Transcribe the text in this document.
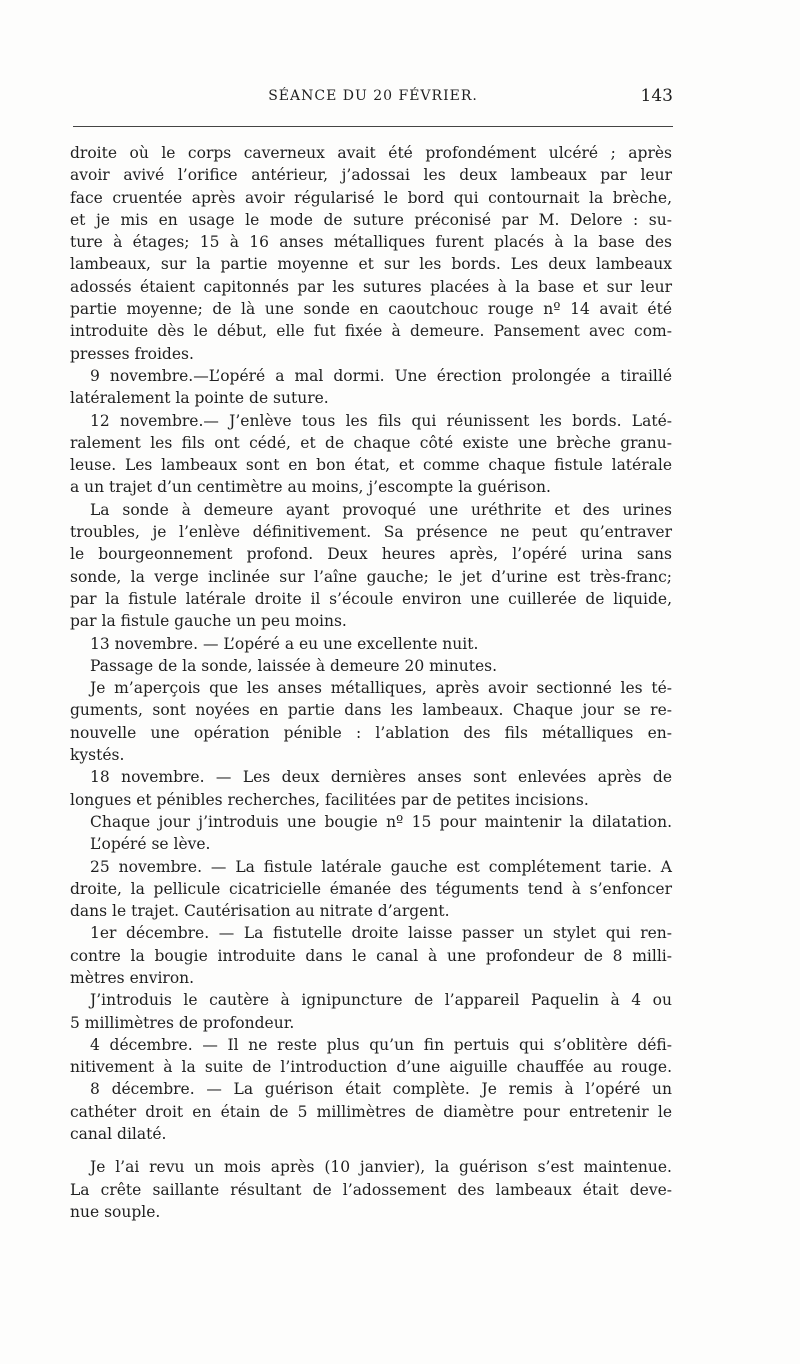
SÉANCE DU 20 FÉVRIER.	143
droite où le corps caverneux avait été profondément ulcéré ; après
avoir avivé l’orifice antérieur, j’adossai les deux lambeaux par leur
face cruentée après avoir régularisé le bord qui contournait la brèche,
et je mis en usage le mode de suture préconisé par M. Delore : su-
ture à étages; 15 à 16 anses métalliques furent placés à la base des
lambeaux, sur la partie moyenne et sur les bords. Les deux lambeaux
adossés étaient capitonnés par les sutures placées à la base et sur leur
partie moyenne; de là une sonde en caoutchouc rouge nº 14 avait été
introduite dès le début, elle fut fixée à demeure. Pansement avec com-
presses froides.
9 novembre.—L’opéré a mal dormi. Une érection prolongée a tiraillé
latéralement la pointe de suture.
12 novembre.— J’enlève tous les fils qui réunissent les bords. Laté-
ralement les fils ont cédé, et de chaque côté existe une brèche granu-
leuse. Les lambeaux sont en bon état, et comme chaque fistule latérale
a un trajet d’un centimètre au moins, j’escompte la guérison.
La sonde à demeure ayant provoqué une uréthrite et des urines
troubles, je l’enlève définitivement. Sa présence ne peut qu’entraver
le bourgeonnement profond. Deux heures après, l’opéré urina sans
sonde, la verge inclinée sur l’aîne gauche; le jet d’urine est très-franc;
par la fistule latérale droite il s’écoule environ une cuillerée de liquide,
par la fistule gauche un peu moins.
13 novembre. — L’opéré a eu une excellente nuit.
Passage de la sonde, laissée à demeure 20 minutes.
Je m’aperçois que les anses métalliques, après avoir sectionné les té-
guments, sont noyées en partie dans les lambeaux. Chaque jour se re-
nouvelle une opération pénible : l’ablation des fils métalliques en-
kystés.
18 novembre. — Les deux dernières anses sont enlevées après de
longues et pénibles recherches, facilitées par de petites incisions.
Chaque jour j’introduis une bougie nº 15 pour maintenir la dilatation.
L’opéré se lève.
25 novembre. — La fistule latérale gauche est complétement tarie. A
droite, la pellicule cicatricielle émanée des téguments tend à s’enfoncer
dans le trajet. Cautérisation au nitrate d’argent.
1er décembre. — La fistutelle droite laisse passer un stylet qui ren-
contre la bougie introduite dans le canal à une profondeur de 8 milli-
mètres environ.
J’introduis le cautère à ignipuncture de l’appareil Paquelin à 4 ou
5 millimètres de profondeur.
4 décembre. — Il ne reste plus qu’un fin pertuis qui s’oblitère défi-
nitivement à la suite de l’introduction d’une aiguille chauffée au rouge.
8 décembre. — La guérison était complète. Je remis à l’opéré un
cathéter droit en étain de 5 millimètres de diamètre pour entretenir le
canal dilaté.
Je l’ai revu un mois après (10 janvier), la guérison s’est maintenue.
La crête saillante résultant de l’adossement des lambeaux était deve-
nue souple.
